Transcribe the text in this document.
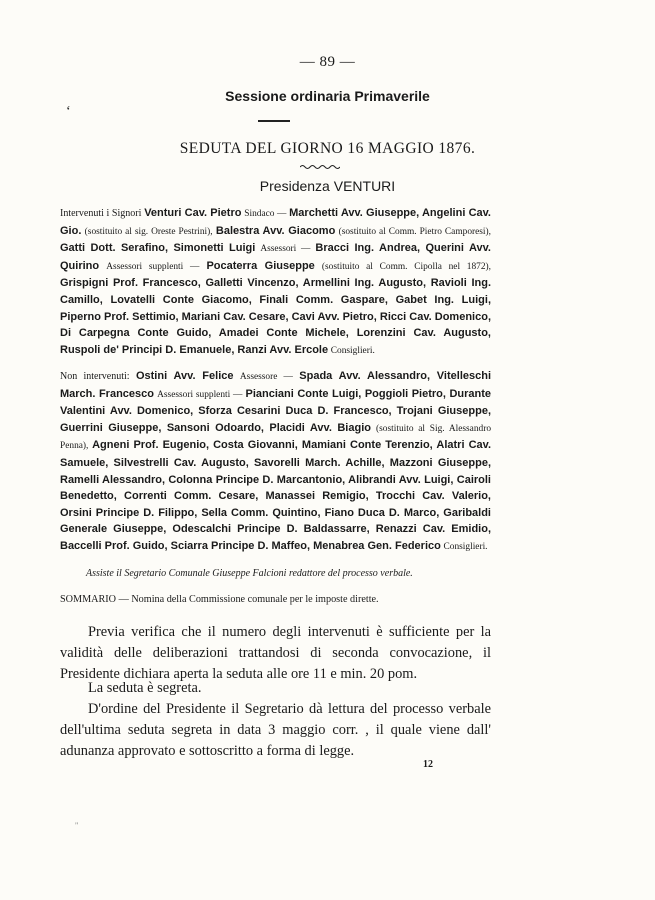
— 89 —
Sessione ordinaria Primaverile
ʻ
SEDUTA DEL GIORNO 16 MAGGIO 1876.
Presidenza VENTURI
Intervenuti i Signori Venturi Cav. Pietro Sindaco — Marchetti Avv. Giuseppe, Angelini Cav. Gio. (sostituito al sig. Oreste Pestrini), Balestra Avv. Giacomo (sostituito al Comm. Pietro Camporesi), Gatti Dott. Serafino, Simonetti Luigi Assessori — Bracci Ing. Andrea, Querini Avv. Quirino Assessori supplenti — Pocaterra Giuseppe (sostituito al Comm. Cipolla nel 1872), Grispigni Prof. Francesco, Galletti Vincenzo, Armellini Ing. Augusto, Ravioli Ing. Camillo, Lovatelli Conte Giacomo, Finali Comm. Gaspare, Gabet Ing. Luigi, Piperno Prof. Settimio, Mariani Cav. Cesare, Cavi Avv. Pietro, Ricci Cav. Domenico, Di Carpegna Conte Guido, Amadei Conte Michele, Lorenzini Cav. Augusto, Ruspoli de' Principi D. Emanuele, Ranzi Avv. Ercole Consiglieri.
Non intervenuti: Ostini Avv. Felice Assessore — Spada Avv. Alessandro, Vitelleschi March. Francesco Assessori supplenti — Pianciani Conte Luigi, Poggioli Pietro, Durante Valentini Avv. Domenico, Sforza Cesarini Duca D. Francesco, Trojani Giuseppe, Guerrini Giuseppe, Sansoni Odoardo, Placidi Avv. Biagio (sostituito al Sig. Alessandro Penna), Agneni Prof. Eugenio, Costa Giovanni, Mamiani Conte Terenzio, Alatri Cav. Samuele, Silvestrelli Cav. Augusto, Savorelli March. Achille, Mazzoni Giuseppe, Ramelli Alessandro, Colonna Principe D. Marcantonio, Alibrandi Avv. Luigi, Cairoli Benedetto, Correnti Comm. Cesare, Manassei Remigio, Trocchi Cav. Valerio, Orsini Principe D. Filippo, Sella Comm. Quintino, Fiano Duca D. Marco, Garibaldi Generale Giuseppe, Odescalchi Principe D. Baldassarre, Renazzi Cav. Emidio, Baccelli Prof. Guido, Sciarra Principe D. Maffeo, Menabrea Gen. Federico Consiglieri.
Assiste il Segretario Comunale Giuseppe Falcioni redattore del processo verbale.
SOMMARIO — Nomina della Commissione comunale per le imposte dirette.
Previa verifica che il numero degli intervenuti è sufficiente per la validità delle deliberazioni trattandosi di seconda convocazione, il Presidente dichiara aperta la seduta alle ore 11 e min. 20 pom.
La seduta è segreta.
D'ordine del Presidente il Segretario dà lettura del processo verbale dell'ultima seduta segreta in data 3 maggio corr. , il quale viene dall' adunanza approvato e sottoscritto a forma di legge.
12
"
